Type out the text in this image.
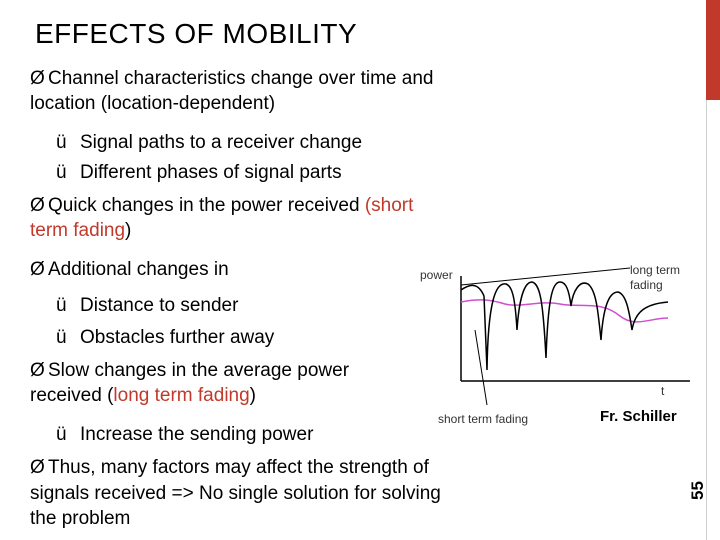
55
EFFECTS OF MOBILITY
Ø Channel characteristics change over time and
location (location-dependent)
ü Signal paths to a receiver change
ü Different phases of signal parts
Ø Quick changes in the power received (short
term fading)
Ø Additional changes in
ü Distance to sender
ü Obstacles further away
Ø Slow changes in the average power
received (long term fading)
ü Increase the sending power
Ø Thus, many factors may affect the strength of
signals received => No single solution for solving
the problem
power	long term fading
short term fading
t
Fr. Schiller
